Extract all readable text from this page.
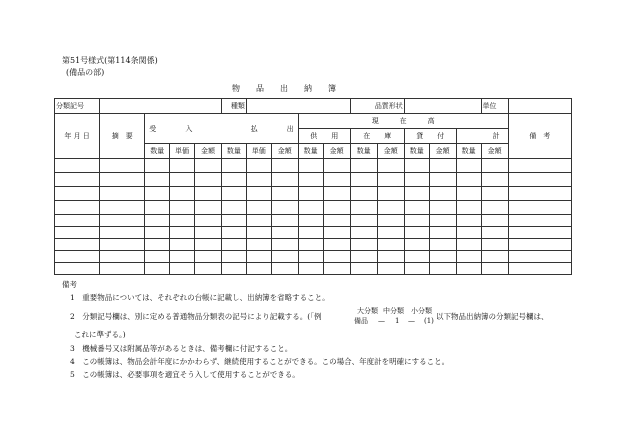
第51号様式(第114条関係)
(備品の部)
物　　品　　出　　納　　簿
分類記号					種類					品質形状					単位	
年 月 日	摘　要	受 入 払 出						現　　　在　　　高								備　考
								供　　用		在　　庫		貸　　付		計		
		数量	単価	金額	数量	単価	金額	数量	金額	数量	金額	数量	金額	数量	金額	

備考
1　重要物品については、それぞれの台帳に記載し、出納簿を省略すること。
2　分類記号欄は、別に定める普通物品分類表の記号により記載する。(「例
大分類 中分類 小分類
備品 — 1 — (1) 以下物品出納簿の分類記号欄は、
これに準ずる。)
3　機械番号又は附属品等があるときは、備考欄に付記すること。
4　この帳簿は、物品会計年度にかかわらず、継続使用することができる。この場合、年度計を明確にすること。
5　この帳簿は、必要事項を適宜そう入して使用することができる。
